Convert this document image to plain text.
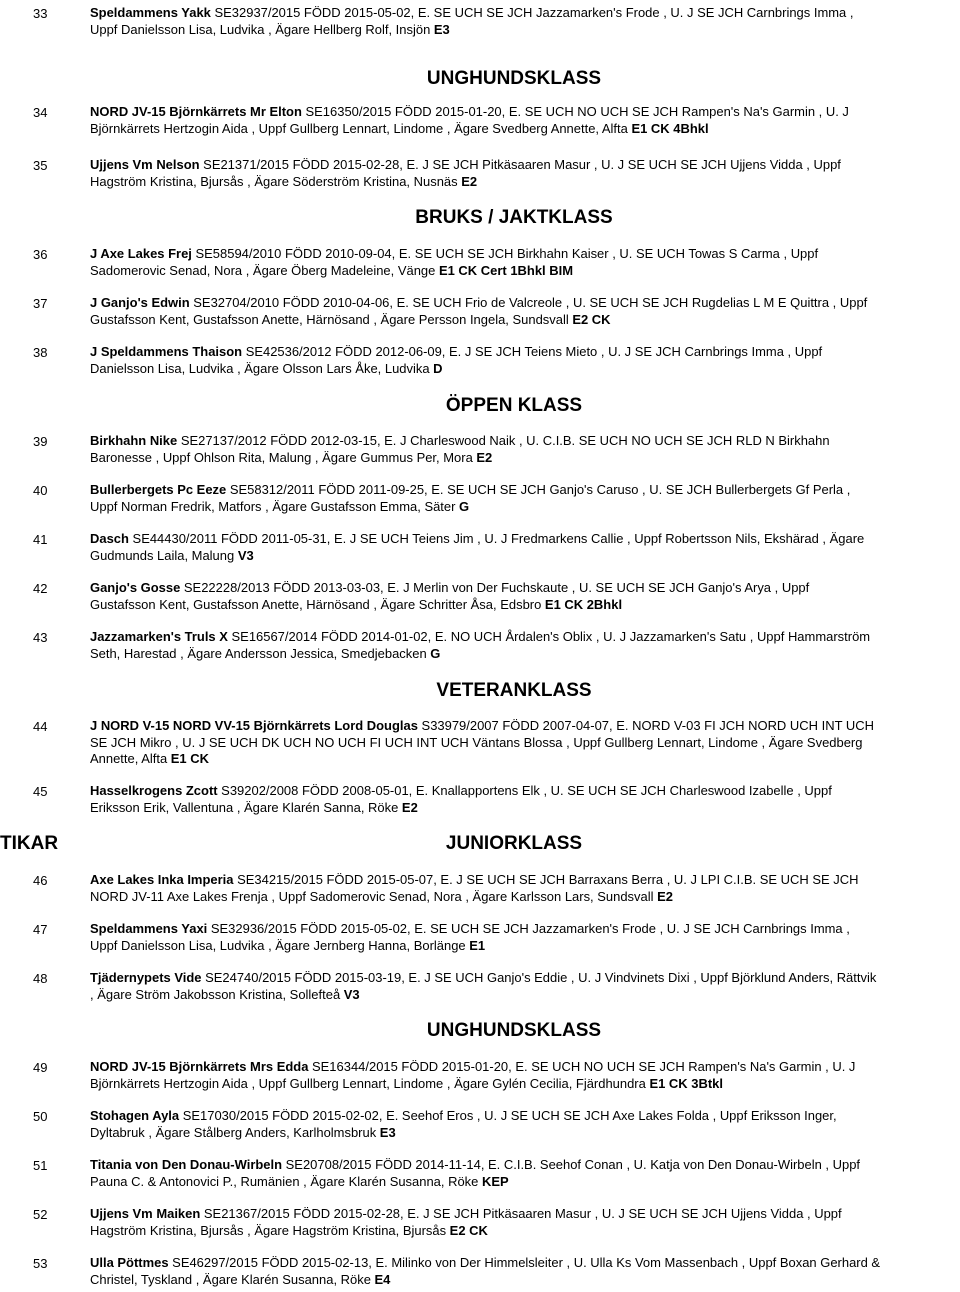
UNGHUNDSKLASS
BRUKS / JAKTKLASS
ÖPPEN KLASS
VETERANKLASS
TIKAR	JUNIORKLASS
UNGHUNDSKLASS
33	Speldammens Yakk SE32937/2015 FÖDD 2015-05-02, E. SE UCH SE JCH Jazzamarken's Frode , U. J SE JCH Carnbrings Imma ,
Uppf Danielsson Lisa, Ludvika , Ägare Hellberg Rolf, Insjön E3
34	NORD JV-15 Björnkärrets Mr Elton SE16350/2015 FÖDD 2015-01-20, E. SE UCH NO UCH SE JCH Rampen's Na's Garmin , U. J
Björnkärrets Hertzogin Aida , Uppf Gullberg Lennart, Lindome , Ägare Svedberg Annette, Alfta E1 CK 4Bhkl
35	Ujjens Vm Nelson SE21371/2015 FÖDD 2015-02-28, E. J SE JCH Pitkäsaaren Masur , U. J SE UCH SE JCH Ujjens Vidda , Uppf
Hagström Kristina, Bjursås , Ägare Söderström Kristina, Nusnäs E2
36	J Axe Lakes Frej SE58594/2010 FÖDD 2010-09-04, E. SE UCH SE JCH Birkhahn Kaiser , U. SE UCH Towas S Carma , Uppf
Sadomerovic Senad, Nora , Ägare Öberg Madeleine, Vänge E1 CK Cert 1Bhkl BIM
37	J Ganjo's Edwin SE32704/2010 FÖDD 2010-04-06, E. SE UCH Frio de Valcreole , U. SE UCH SE JCH Rugdelias L M E Quittra , Uppf
Gustafsson Kent, Gustafsson Anette, Härnösand , Ägare Persson Ingela, Sundsvall E2 CK
38	J Speldammens Thaison SE42536/2012 FÖDD 2012-06-09, E. J SE JCH Teiens Mieto , U. J SE JCH Carnbrings Imma , Uppf
Danielsson Lisa, Ludvika , Ägare Olsson Lars Åke, Ludvika D
39	Birkhahn Nike SE27137/2012 FÖDD 2012-03-15, E. J Charleswood Naik , U. C.I.B. SE UCH NO UCH SE JCH RLD N Birkhahn
Baronesse , Uppf Ohlson Rita, Malung , Ägare Gummus Per, Mora E2
40	Bullerbergets Pc Eeze SE58312/2011 FÖDD 2011-09-25, E. SE UCH SE JCH Ganjo's Caruso , U. SE JCH Bullerbergets Gf Perla ,
Uppf Norman Fredrik, Matfors , Ägare Gustafsson Emma, Säter G
41	Dasch SE44430/2011 FÖDD 2011-05-31, E. J SE UCH Teiens Jim , U. J Fredmarkens Callie , Uppf Robertsson Nils, Ekshärad , Ägare
Gudmunds Laila, Malung V3
42	Ganjo's Gosse SE22228/2013 FÖDD 2013-03-03, E. J Merlin von Der Fuchskaute , U. SE UCH SE JCH Ganjo's Arya , Uppf
Gustafsson Kent, Gustafsson Anette, Härnösand , Ägare Schritter Åsa, Edsbro E1 CK 2Bhkl
43	Jazzamarken's Truls X SE16567/2014 FÖDD 2014-01-02, E. NO UCH Årdalen's Oblix , U. J Jazzamarken's Satu , Uppf Hammarström
Seth, Harestad , Ägare Andersson Jessica, Smedjebacken G
44	J NORD V-15 NORD VV-15 Björnkärrets Lord Douglas S33979/2007 FÖDD 2007-04-07, E. NORD V-03 FI JCH NORD UCH INT UCH
SE JCH Mikro , U. J SE UCH DK UCH NO UCH FI UCH INT UCH Väntans Blossa , Uppf Gullberg Lennart, Lindome , Ägare Svedberg
Annette, Alfta E1 CK
45	Hasselkrogens Zcott S39202/2008 FÖDD 2008-05-01, E. Knallapportens Elk , U. SE UCH SE JCH Charleswood Izabelle , Uppf
Eriksson Erik, Vallentuna , Ägare Klarén Sanna, Röke E2
46	Axe Lakes Inka Imperia SE34215/2015 FÖDD 2015-05-07, E. J SE UCH SE JCH Barraxans Berra , U. J LPI C.I.B. SE UCH SE JCH
NORD JV-11 Axe Lakes Frenja , Uppf Sadomerovic Senad, Nora , Ägare Karlsson Lars, Sundsvall E2
47	Speldammens Yaxi SE32936/2015 FÖDD 2015-05-02, E. SE UCH SE JCH Jazzamarken's Frode , U. J SE JCH Carnbrings Imma ,
Uppf Danielsson Lisa, Ludvika , Ägare Jernberg Hanna, Borlänge E1
48	Tjädernypets Vide SE24740/2015 FÖDD 2015-03-19, E. J SE UCH Ganjo's Eddie , U. J Vindvinets Dixi , Uppf Björklund Anders, Rättvik
, Ägare Ström Jakobsson Kristina, Sollefteå V3
49	NORD JV-15 Björnkärrets Mrs Edda SE16344/2015 FÖDD 2015-01-20, E. SE UCH NO UCH SE JCH Rampen's Na's Garmin , U. J
Björnkärrets Hertzogin Aida , Uppf Gullberg Lennart, Lindome , Ägare Gylén Cecilia, Fjärdhundra E1 CK 3Btkl
50	Stohagen Ayla SE17030/2015 FÖDD 2015-02-02, E. Seehof Eros , U. J SE UCH SE JCH Axe Lakes Folda , Uppf Eriksson Inger,
Dyltabruk , Ägare Stålberg Anders, Karlholmsbruk E3
51	Titania von Den Donau-Wirbeln SE20708/2015 FÖDD 2014-11-14, E. C.I.B. Seehof Conan , U. Katja von Den Donau-Wirbeln , Uppf
Pauna C. & Antonovici P., Rumänien , Ägare Klarén Susanna, Röke KEP
52	Ujjens Vm Maiken SE21367/2015 FÖDD 2015-02-28, E. J SE JCH Pitkäsaaren Masur , U. J SE UCH SE JCH Ujjens Vidda , Uppf
Hagström Kristina, Bjursås , Ägare Hagström Kristina, Bjursås E2 CK
53	Ulla Pöttmes SE46297/2015 FÖDD 2015-02-13, E. Milinko von Der Himmelsleiter , U. Ulla Ks Vom Massenbach , Uppf Boxan Gerhard &
Christel, Tyskland , Ägare Klarén Susanna, Röke E4
